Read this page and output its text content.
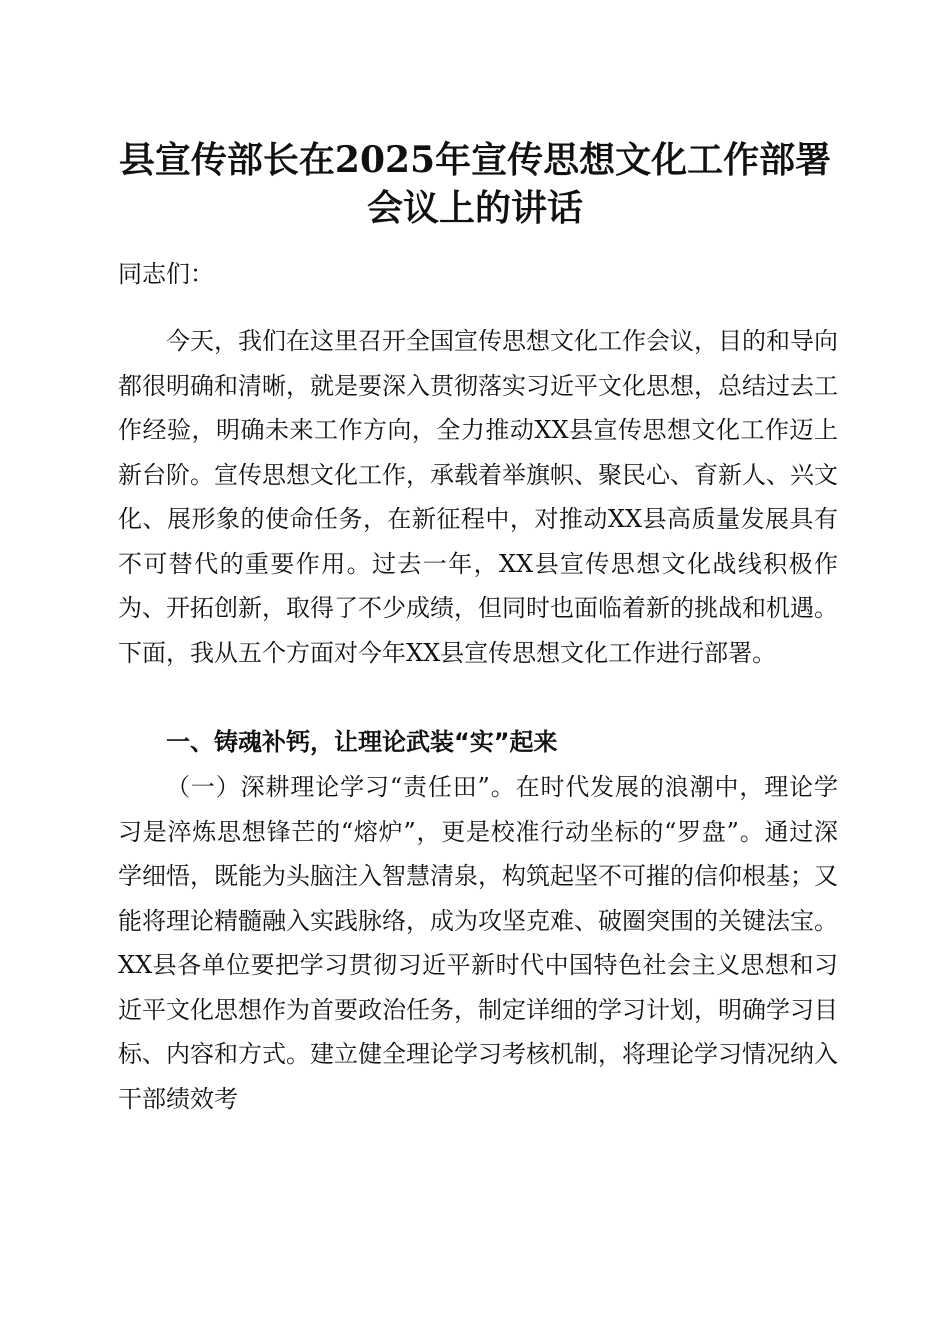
县宣传部长在2025年宣传思想文化工作部署
会议上的讲话

同志们：

今天，我们在这里召开全国宣传思想文化工作会议，目的和导向都很明确和清晰，就是要深入贯彻落实习近平文化思想，总结过去工作经验，明确未来工作方向，全力推动XX县宣传思想文化工作迈上新台阶。宣传思想文化工作，承载着举旗帜、聚民心、育新人、兴文化、展形象的使命任务，在新征程中，对推动XX县高质量发展具有不可替代的重要作用。过去一年，XX县宣传思想文化战线积极作为、开拓创新，取得了不少成绩，但同时也面临着新的挑战和机遇。下面，我从五个方面对今年XX县宣传思想文化工作进行部署。

一、铸魂补钙，让理论武装“实”起来

（一）深耕理论学习“责任田”。在时代发展的浪潮中，理论学习是淬炼思想锋芒的“熔炉”，更是校准行动坐标的“罗盘”。通过深学细悟，既能为头脑注入智慧清泉，构筑起坚不可摧的信仰根基；又能将理论精髓融入实践脉络，成为攻坚克难、破圈突围的关键法宝。XX县各单位要把学习贯彻习近平新时代中国特色社会主义思想和习近平文化思想作为首要政治任务，制定详细的学习计划，明确学习目标、内容和方式。建立健全理论学习考核机制，将理论学习情况纳入干部绩效考
